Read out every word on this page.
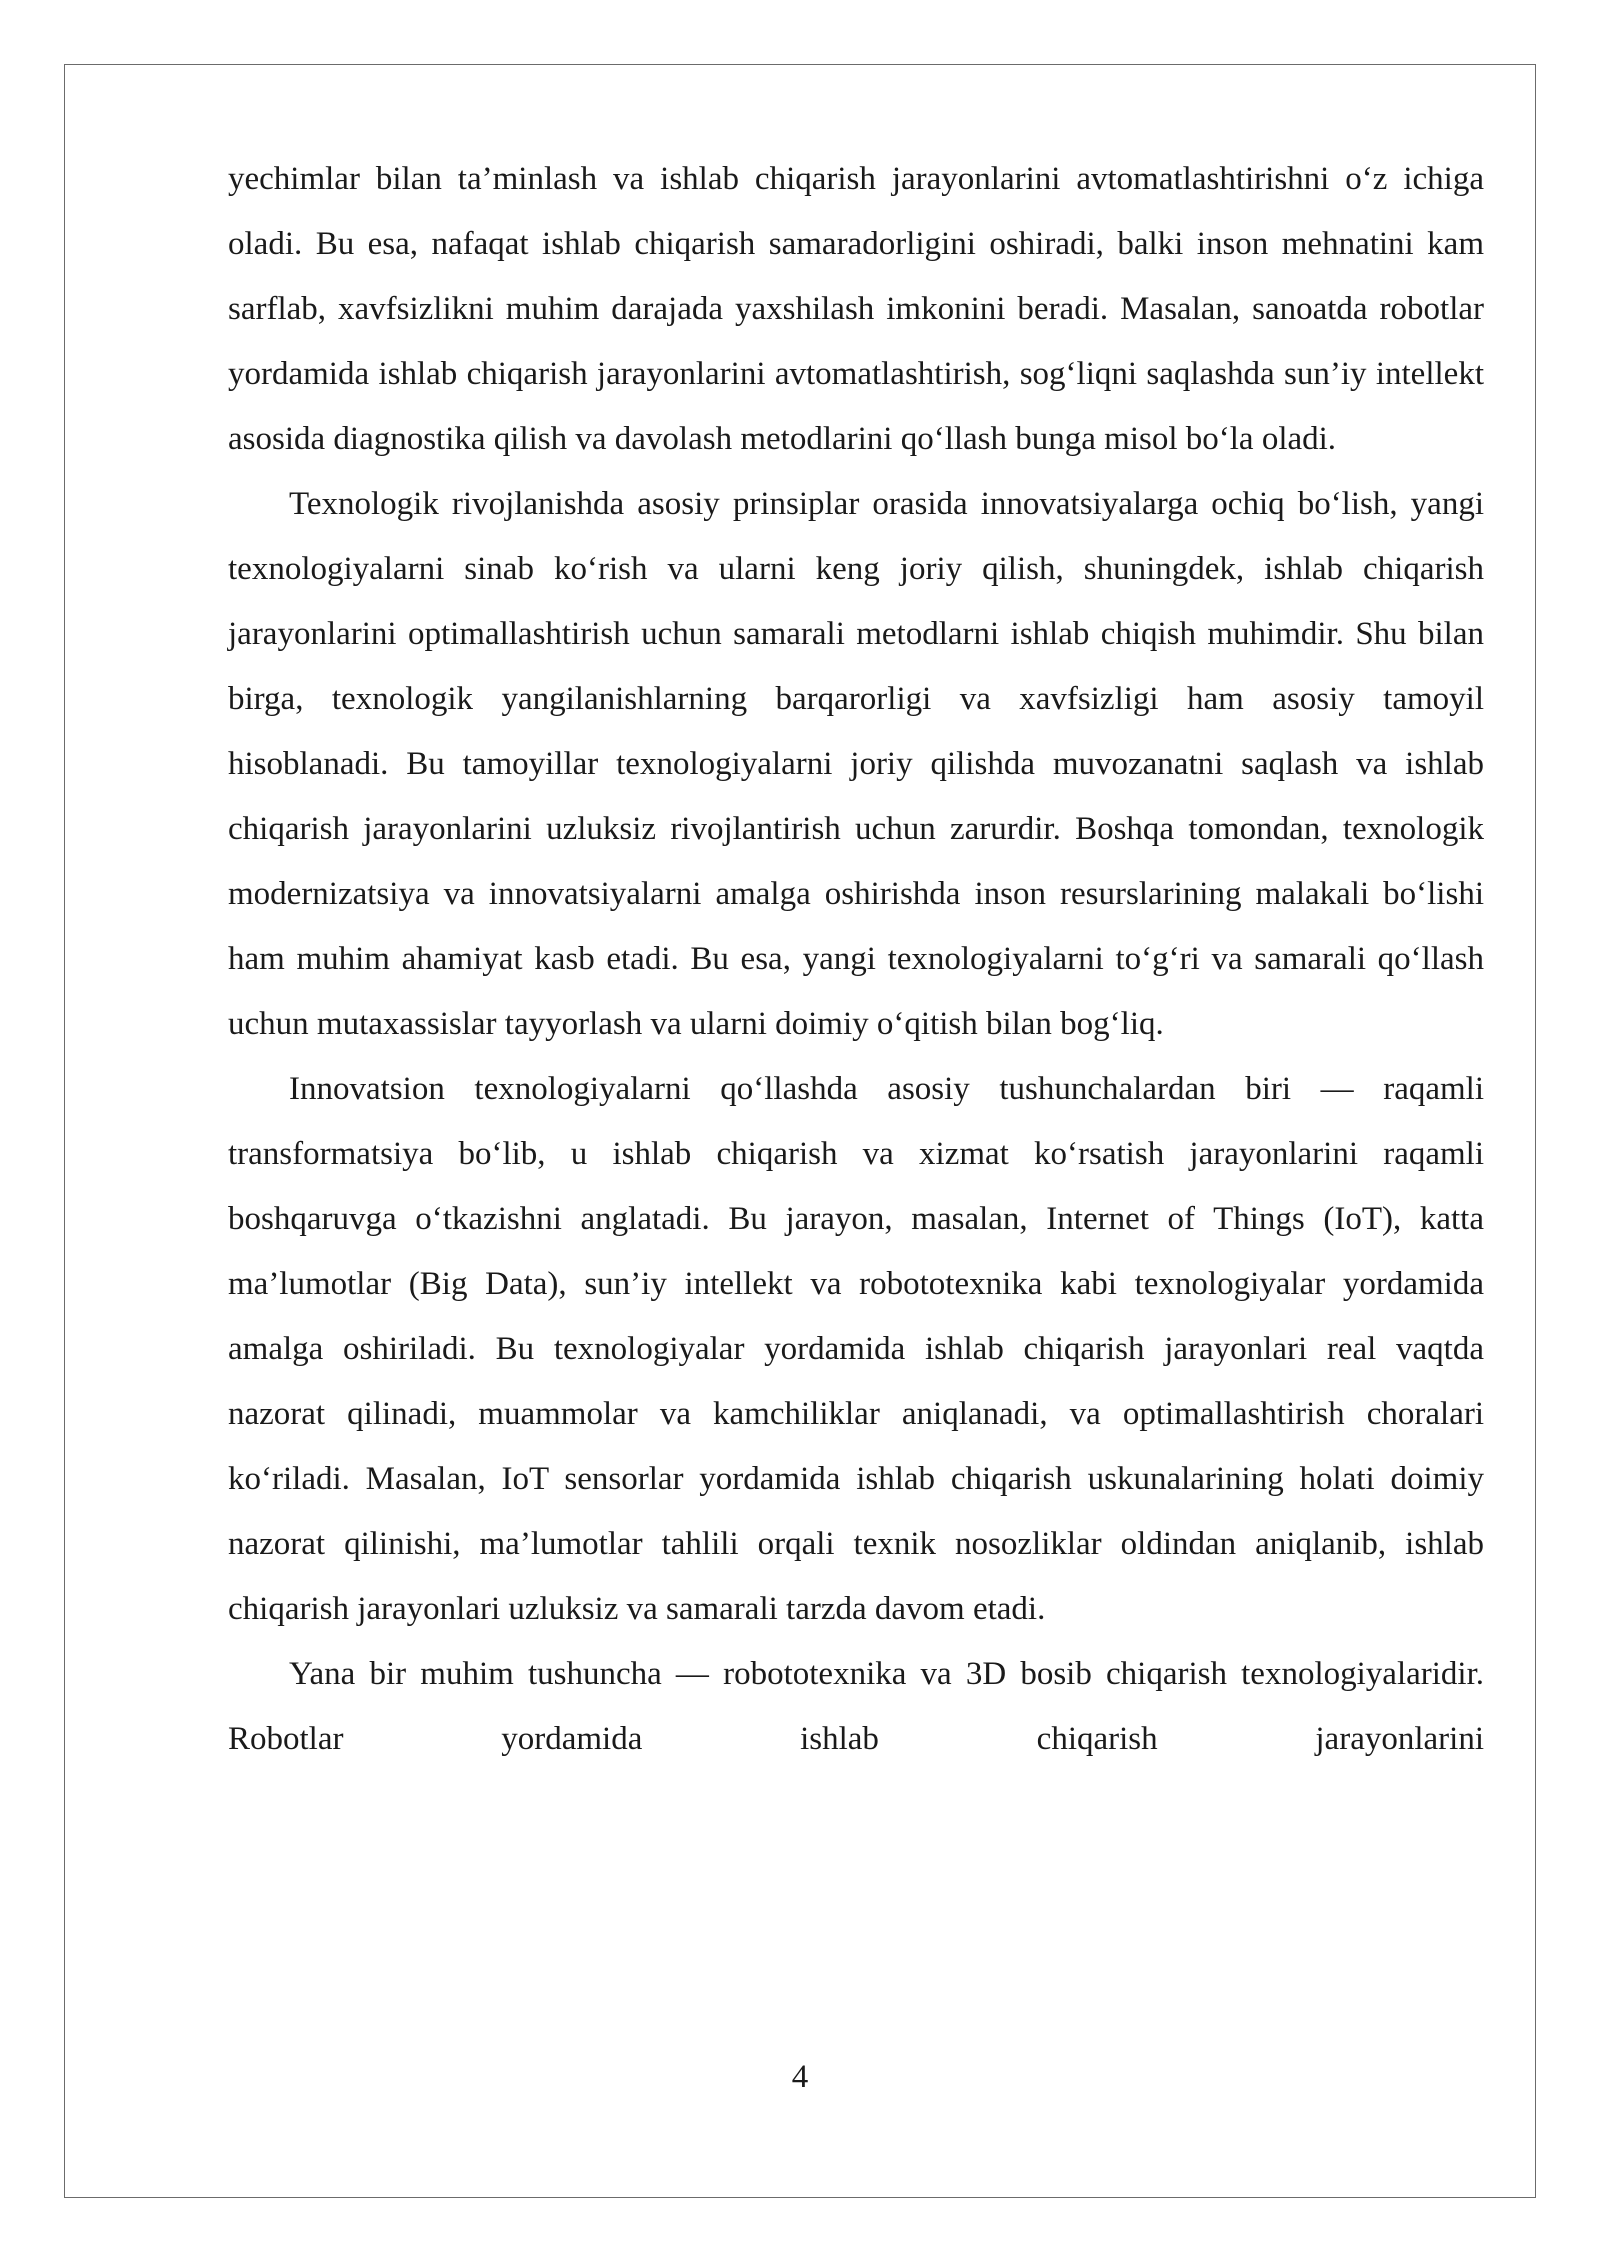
yechimlar bilan ta’minlash va ishlab chiqarish jarayonlarini avtomatlashtirishni o‘z ichiga oladi. Bu esa, nafaqat ishlab chiqarish samaradorligini oshiradi, balki inson mehnatini kam sarflab, xavfsizlikni muhim darajada yaxshilash imkonini beradi. Masalan, sanoatda robotlar yordamida ishlab chiqarish jarayonlarini avtomatlashtirish, sog‘liqni saqlashda sun’iy intellekt asosida diagnostika qilish va davolash metodlarini qo‘llash bunga misol bo‘la oladi.

Texnologik rivojlanishda asosiy prinsiplar orasida innovatsiyalarga ochiq bo‘lish, yangi texnologiyalarni sinab ko‘rish va ularni keng joriy qilish, shuningdek, ishlab chiqarish jarayonlarini optimallashtirish uchun samarali metodlarni ishlab chiqish muhimdir. Shu bilan birga, texnologik yangilanishlarning barqarorligi va xavfsizligi ham asosiy tamoyil hisoblanadi. Bu tamoyillar texnologiyalarni joriy qilishda muvozanatni saqlash va ishlab chiqarish jarayonlarini uzluksiz rivojlantirish uchun zarurdir. Boshqa tomondan, texnologik modernizatsiya va innovatsiyalarni amalga oshirishda inson resurslarining malakali bo‘lishi ham muhim ahamiyat kasb etadi. Bu esa, yangi texnologiyalarni to‘g‘ri va samarali qo‘llash uchun mutaxassislar tayyorlash va ularni doimiy o‘qitish bilan bog‘liq.

Innovatsion texnologiyalarni qo‘llashda asosiy tushunchalardan biri — raqamli transformatsiya bo‘lib, u ishlab chiqarish va xizmat ko‘rsatish jarayonlarini raqamli boshqaruvga o‘tkazishni anglatadi. Bu jarayon, masalan, Internet of Things (IoT), katta ma’lumotlar (Big Data), sun’iy intellekt va robototexnika kabi texnologiyalar yordamida amalga oshiriladi. Bu texnologiyalar yordamida ishlab chiqarish jarayonlari real vaqtda nazorat qilinadi, muammolar va kamchiliklar aniqlanadi, va optimallashtirish choralari ko‘riladi. Masalan, IoT sensorlar yordamida ishlab chiqarish uskunalarining holati doimiy nazorat qilinishi, ma’lumotlar tahlili orqali texnik nosozliklar oldindan aniqlanib, ishlab chiqarish jarayonlari uzluksiz va samarali tarzda davom etadi.

Yana bir muhim tushuncha — robototexnika va 3D bosib chiqarish texnologiyalaridir. Robotlar yordamida ishlab chiqarish jarayonlarini

4
